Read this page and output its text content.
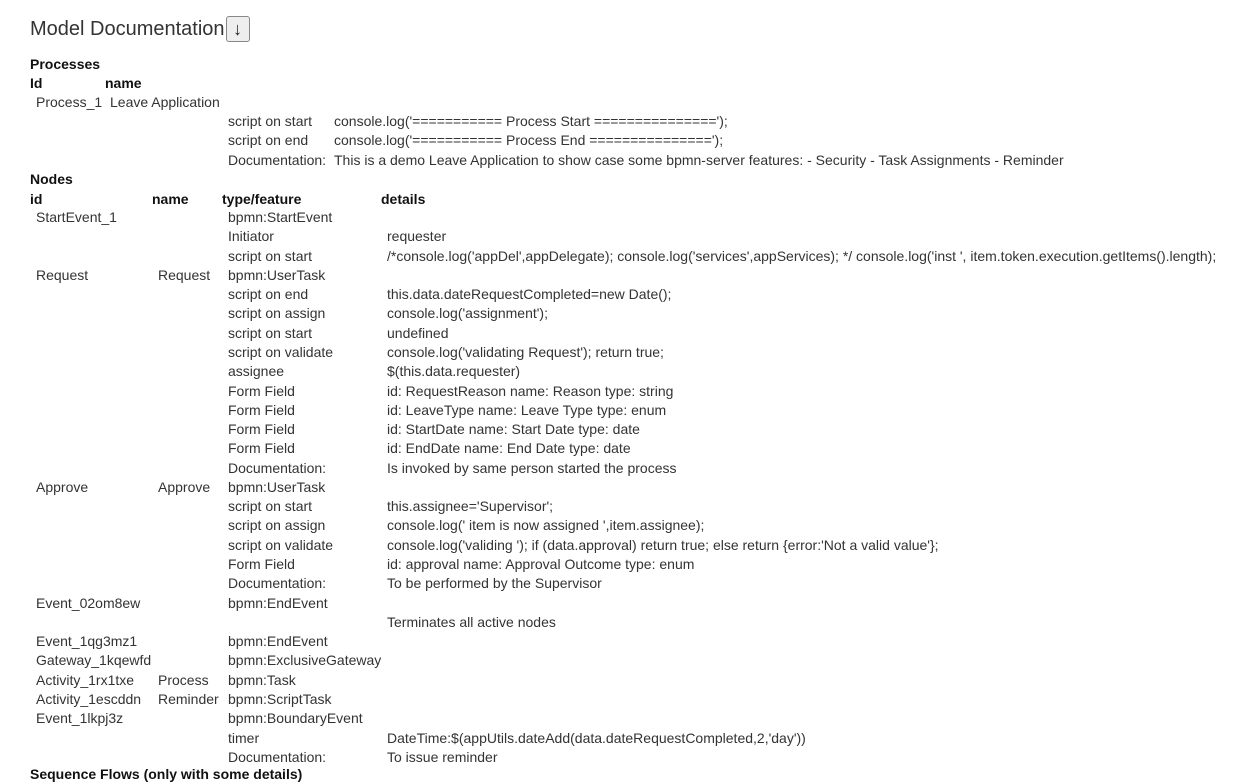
Model Documentation ↓
Processes
Id	name
Process_1 Leave Application
script on start console.log('=========== Process Start ===============');
script on end console.log('=========== Process End ===============');
Documentation: This is a demo Leave Application to show case some bpmn-server features: - Security - Task Assignments - Reminder
Nodes
id	name type/feature	details
StartEvent_1	bpmn:StartEvent
Initiator	requester
script on start	/*console.log('appDel',appDelegate); console.log('services',appServices); */ console.log('inst ', item.token.execution.getItems().length);
Request	Request bpmn:UserTask
script on end	this.data.dateRequestCompleted=new Date();
script on assign	console.log('assignment');
script on start	undefined
script on validate	console.log('validating Request'); return true;
assignee	$(this.data.requester)
Form Field	id: RequestReason name: Reason type: string
Form Field	id: LeaveType name: Leave Type type: enum
Form Field	id: StartDate name: Start Date type: date
Form Field	id: EndDate name: End Date type: date
Documentation:	Is invoked by same person started the process
Approve	Approve bpmn:UserTask
script on start	this.assignee='Supervisor';
script on assign	console.log(' item is now assigned ',item.assignee);
script on validate	console.log('validing '); if (data.approval) return true; else return {error:'Not a valid value'};
Form Field	id: approval name: Approval Outcome type: enum
Documentation:	To be performed by the Supervisor
Event_02om8ew	bpmn:EndEvent
Terminates all active nodes
Event_1qg3mz1	bpmn:EndEvent
Gateway_1kqewfd	bpmn:ExclusiveGateway
Activity_1rx1txe Process bpmn:Task
Activity_1escddn Reminder bpmn:ScriptTask
Event_1lkpj3z	bpmn:BoundaryEvent
timer	DateTime:$(appUtils.dateAdd(data.dateRequestCompleted,2,'day'))
Documentation:	To issue reminder
Sequence Flows (only with some details)
